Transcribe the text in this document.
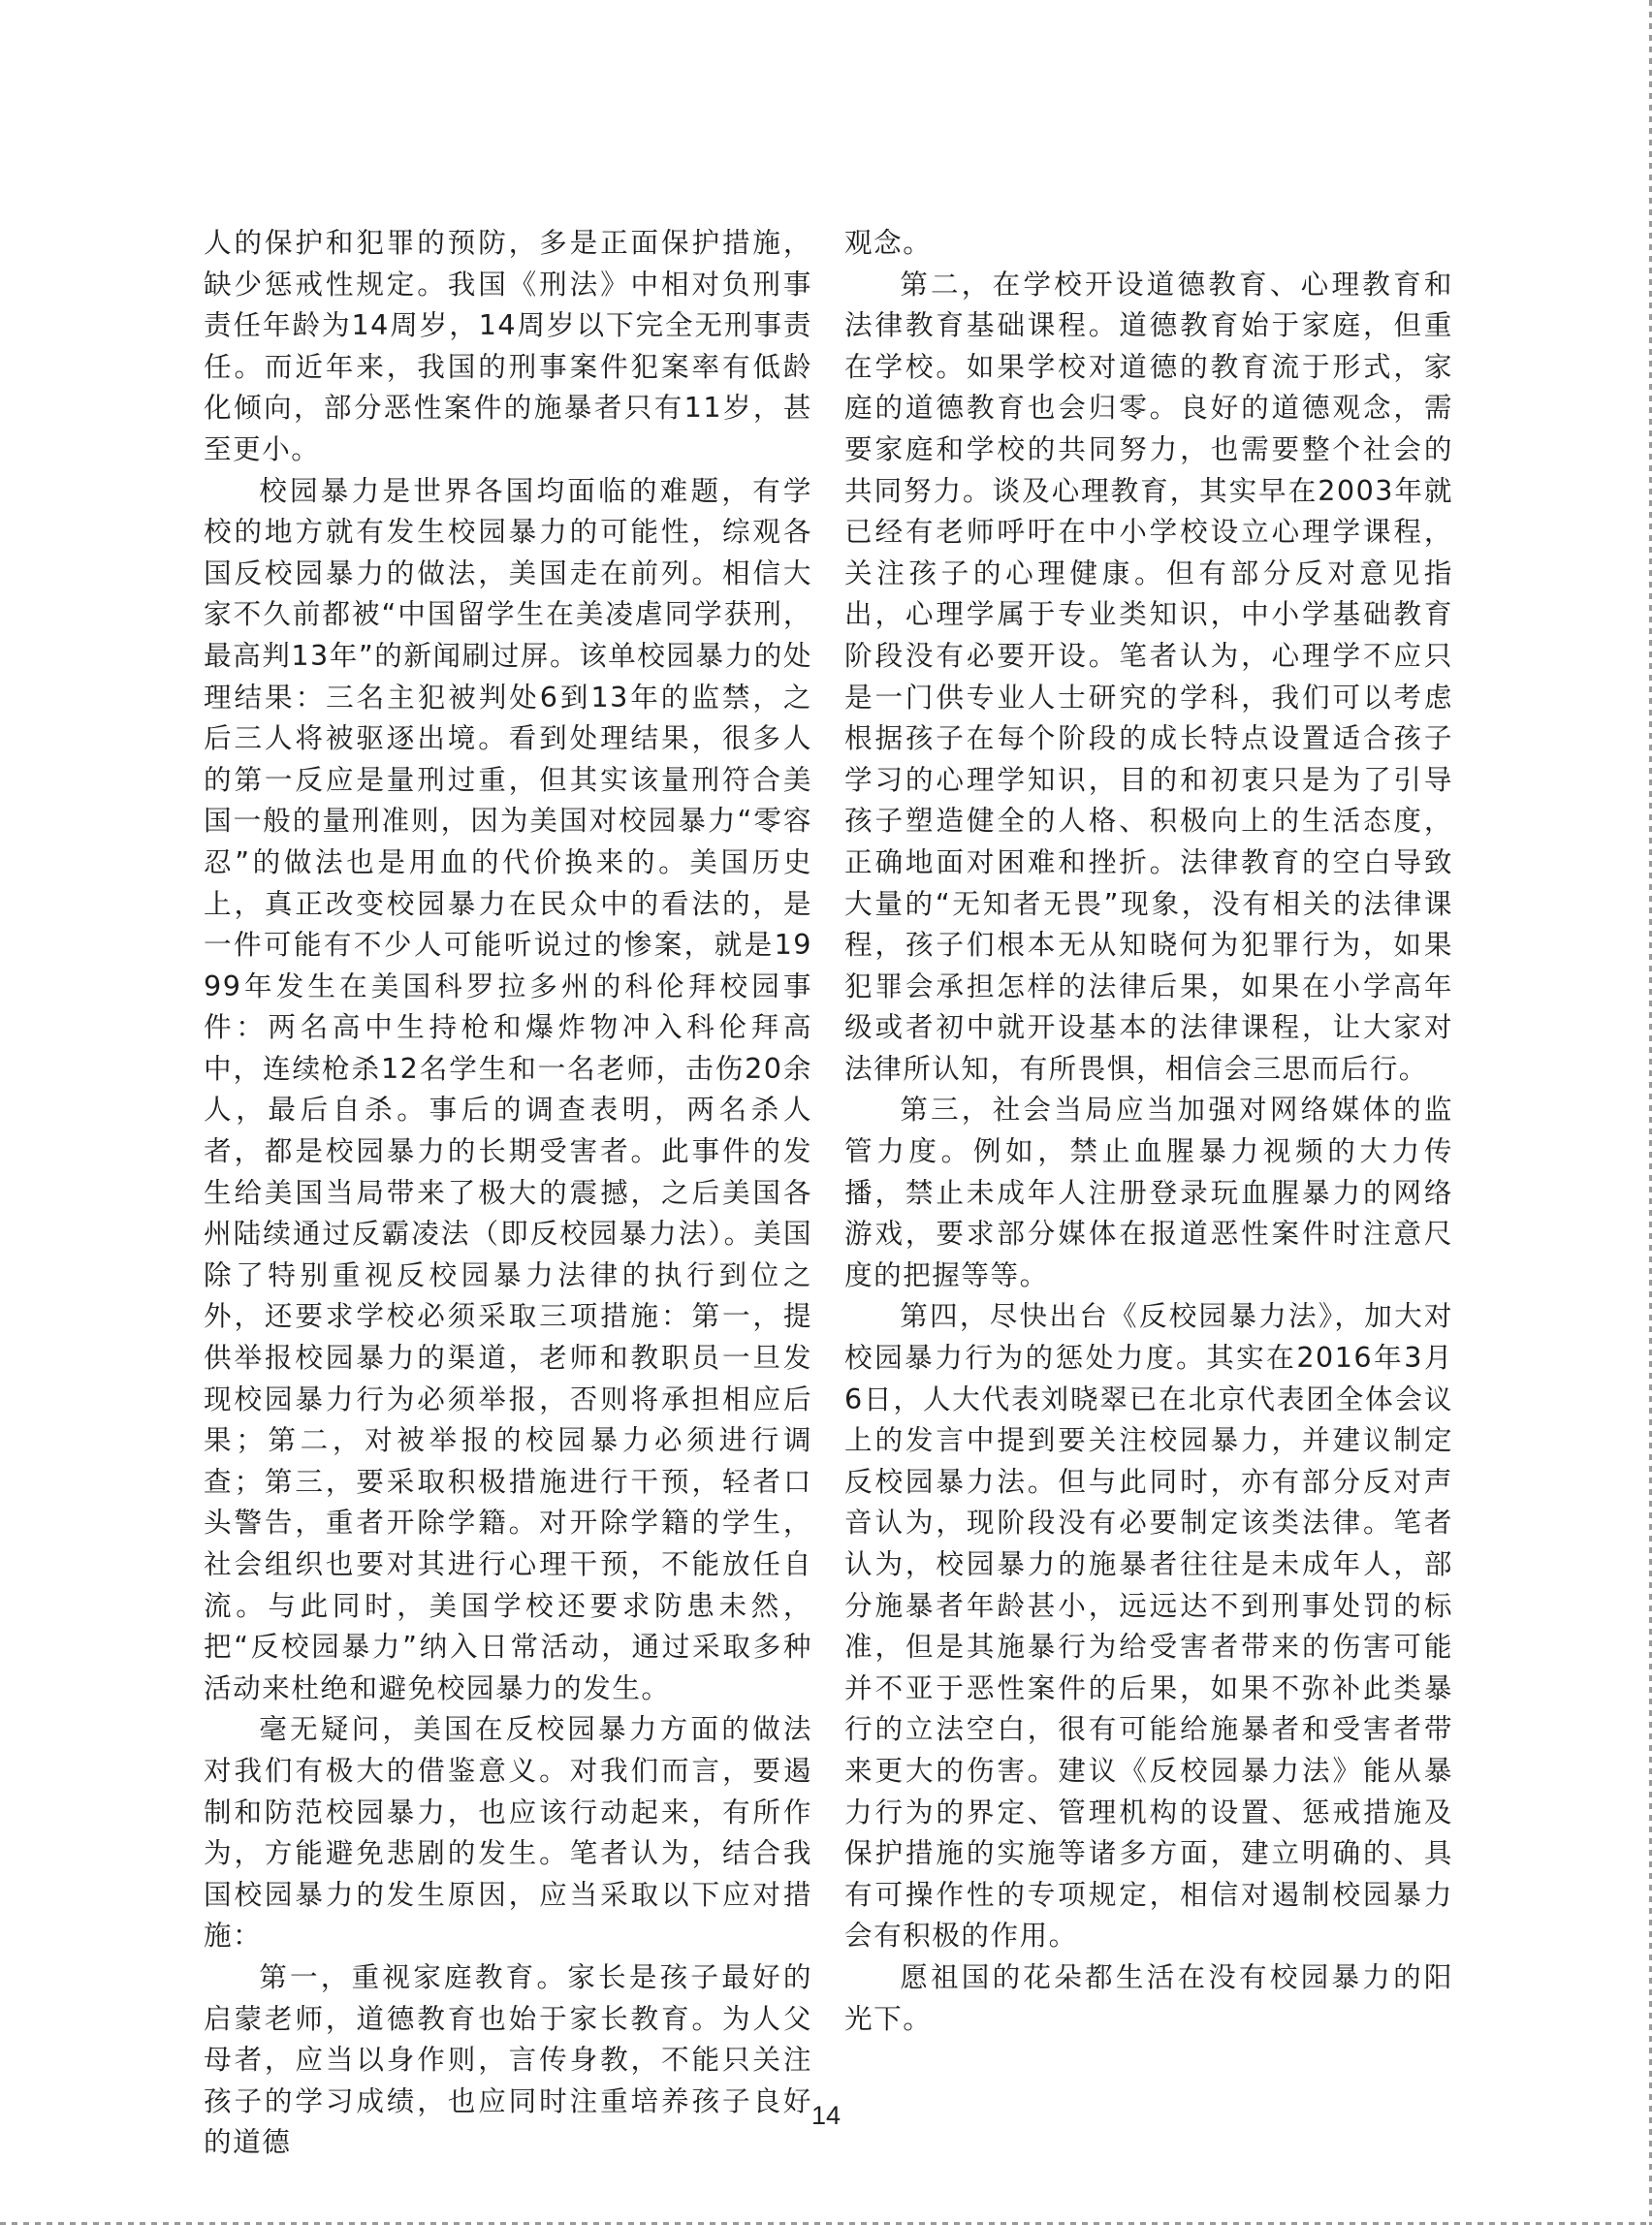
人的保护和犯罪的预防，多是正面保护措施，缺少惩戒性规定。我国《刑法》中相对负刑事责任年龄为14周岁，14周岁以下完全无刑事责任。而近年来，我国的刑事案件犯案率有低龄化倾向，部分恶性案件的施暴者只有11岁，甚至更小。

校园暴力是世界各国均面临的难题，有学校的地方就有发生校园暴力的可能性，综观各国反校园暴力的做法，美国走在前列。相信大家不久前都被“中国留学生在美凌虐同学获刑，最高判13年”的新闻刷过屏。该单校园暴力的处理结果：三名主犯被判处6到13年的监禁，之后三人将被驱逐出境。看到处理结果，很多人的第一反应是量刑过重，但其实该量刑符合美国一般的量刑准则，因为美国对校园暴力“零容忍”的做法也是用血的代价换来的。美国历史上，真正改变校园暴力在民众中的看法的，是一件可能有不少人可能听说过的惨案，就是1999年发生在美国科罗拉多州的科伦拜校园事件：两名高中生持枪和爆炸物冲入科伦拜高中，连续枪杀12名学生和一名老师，击伤20余人，最后自杀。事后的调查表明，两名杀人者，都是校园暴力的长期受害者。此事件的发生给美国当局带来了极大的震撼，之后美国各州陆续通过反霸凌法（即反校园暴力法）。美国除了特别重视反校园暴力法律的执行到位之外，还要求学校必须采取三项措施：第一，提供举报校园暴力的渠道，老师和教职员一旦发现校园暴力行为必须举报，否则将承担相应后果；第二，对被举报的校园暴力必须进行调查；第三，要采取积极措施进行干预，轻者口头警告，重者开除学籍。对开除学籍的学生，社会组织也要对其进行心理干预，不能放任自流。与此同时，美国学校还要求防患未然，把“反校园暴力”纳入日常活动，通过采取多种活动来杜绝和避免校园暴力的发生。

毫无疑问，美国在反校园暴力方面的做法对我们有极大的借鉴意义。对我们而言，要遏制和防范校园暴力，也应该行动起来，有所作为，方能避免悲剧的发生。笔者认为，结合我国校园暴力的发生原因，应当采取以下应对措施：

第一，重视家庭教育。家长是孩子最好的启蒙老师，道德教育也始于家长教育。为人父母者，应当以身作则，言传身教，不能只关注孩子的学习成绩，也应同时注重培养孩子良好的道德

观念。

第二，在学校开设道德教育、心理教育和法律教育基础课程。道德教育始于家庭，但重在学校。如果学校对道德的教育流于形式，家庭的道德教育也会归零。良好的道德观念，需要家庭和学校的共同努力，也需要整个社会的共同努力。谈及心理教育，其实早在2003年就已经有老师呼吁在中小学校设立心理学课程，关注孩子的心理健康。但有部分反对意见指出，心理学属于专业类知识，中小学基础教育阶段没有必要开设。笔者认为，心理学不应只是一门供专业人士研究的学科，我们可以考虑根据孩子在每个阶段的成长特点设置适合孩子学习的心理学知识，目的和初衷只是为了引导孩子塑造健全的人格、积极向上的生活态度，正确地面对困难和挫折。法律教育的空白导致大量的“无知者无畏”现象，没有相关的法律课程，孩子们根本无从知晓何为犯罪行为，如果犯罪会承担怎样的法律后果，如果在小学高年级或者初中就开设基本的法律课程，让大家对法律所认知，有所畏惧，相信会三思而后行。

第三，社会当局应当加强对网络媒体的监管力度。例如，禁止血腥暴力视频的大力传播，禁止未成年人注册登录玩血腥暴力的网络游戏，要求部分媒体在报道恶性案件时注意尺度的把握等等。

第四，尽快出台《反校园暴力法》，加大对校园暴力行为的惩处力度。其实在2016年3月6日，人大代表刘晓翠已在北京代表团全体会议上的发言中提到要关注校园暴力，并建议制定反校园暴力法。但与此同时，亦有部分反对声音认为，现阶段没有必要制定该类法律。笔者认为，校园暴力的施暴者往往是未成年人，部分施暴者年龄甚小，远远达不到刑事处罚的标准，但是其施暴行为给受害者带来的伤害可能并不亚于恶性案件的后果，如果不弥补此类暴行的立法空白，很有可能给施暴者和受害者带来更大的伤害。建议《反校园暴力法》能从暴力行为的界定、管理机构的设置、惩戒措施及保护措施的实施等诸多方面，建立明确的、具有可操作性的专项规定，相信对遏制校园暴力会有积极的作用。

愿祖国的花朵都生活在没有校园暴力的阳光下。

14
